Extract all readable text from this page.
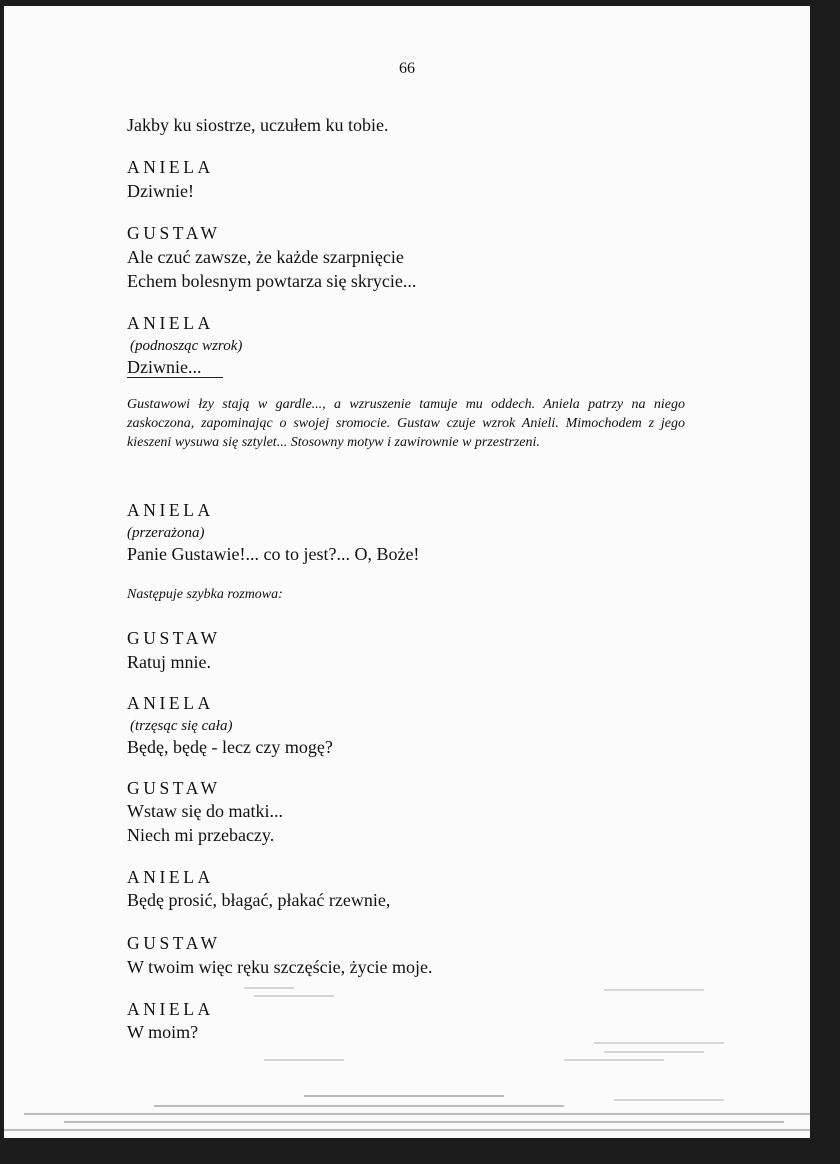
66
Jakby ku siostrze, uczułem ku tobie.
ANIELA
Dziwnie!
GUSTAW
Ale czuć zawsze, że każde szarpnięcie
Echem bolesnym powtarza się skrycie...
ANIELA
(podnosząc wzrok)
Dziwnie...
Gustawowi łzy stają w gardle..., a wzruszenie tamuje mu oddech. Aniela patrzy na niego zaskoczona, zapominając o swojej sromocie. Gustaw czuje wzrok Anieli. Mimochodem z jego kieszeni wysuwa się sztylet... Stosowny motyw i zawirownie w przestrzeni.
ANIELA
(przerażona)
Panie Gustawie!... co to jest?... O, Boże!
Następuje szybka rozmowa:
GUSTAW
Ratuj mnie.
ANIELA
(trzęsąc się cała)
Będę, będę - lecz czy mogę?
GUSTAW
Wstaw się do matki...
Niech mi przebaczy.
ANIELA
Będę prosić, błagać, płakać rzewnie,
GUSTAW
W twoim więc ręku szczęście, życie moje.
ANIELA
W moim?
